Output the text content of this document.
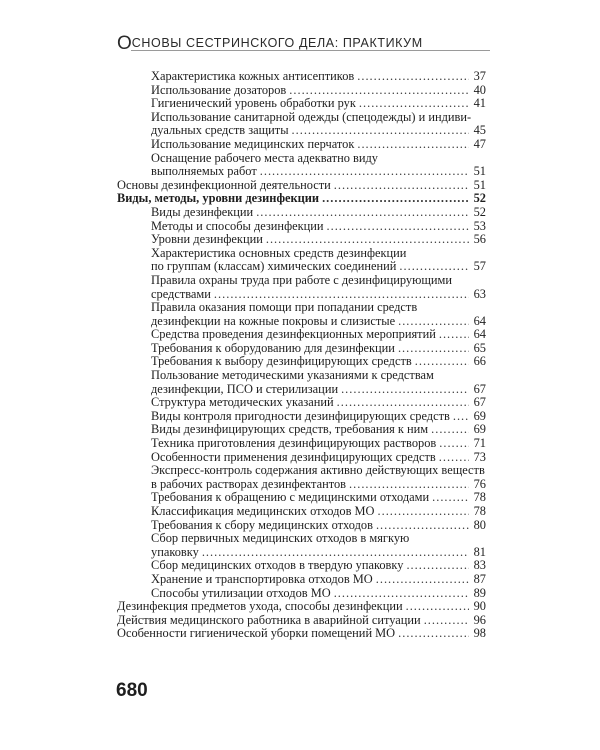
ОСНОВЫ СЕСТРИНСКОГО ДЕЛА: ПРАКТИКУМ
Характеристика кожных антисептиков .....	37
Использование дозаторов .....	40
Гигиенический уровень обработки рук .....	41
Использование санитарной одежды (спецодежды) и индиви-
дуальных средств защиты .....	45
Использование медицинских перчаток .....	47
Оснащение рабочего места адекватно виду
выполняемых работ .....	51
Основы дезинфекционной деятельности .....	51
Виды, методы, уровни дезинфекции .....	52
Виды дезинфекции .....	52
Методы и способы дезинфекции .....	53
Уровни дезинфекции .....	56
Характеристика основных средств дезинфекции
по группам (классам) химических соединений .....	57
Правила охраны труда при работе с дезинфицирующими
средствами .....	63
Правила оказания помощи при попадании средств
дезинфекции на кожные покровы и слизистые .....	64
Средства проведения дезинфекционных мероприятий .....	64
Требования к оборудованию для дезинфекции .....	65
Требования к выбору дезинфицирующих средств .....	66
Пользование методическими указаниями к средствам
дезинфекции, ПСО и стерилизации .....	67
Структура методических указаний .....	67
Виды контроля пригодности дезинфицирующих средств ..... 69
Виды дезинфицирующих средств, требования к ним .....	69
Техника приготовления дезинфицирующих растворов .....	71
Особенности применения дезинфицирующих средств .....	73
Экспресс-контроль содержания активно действующих веществ
в рабочих растворах дезинфектантов .....	76
Требования к обращению с медицинскими отходами .....	78
Классификация медицинских отходов МО .....	78
Требования к сбору медицинских отходов .....	80
Сбор первичных медицинских отходов в мягкую
упаковку .....	81
Сбор медицинских отходов в твердую упаковку .....	83
Хранение и транспортировка отходов МО .....	87
Способы утилизации отходов МО .....	89
Дезинфекция предметов ухода, способы дезинфекции .....	90
Действия медицинского работника в аварийной ситуации .....	96
Особенности гигиенической уборки помещений МО .....	98
680
